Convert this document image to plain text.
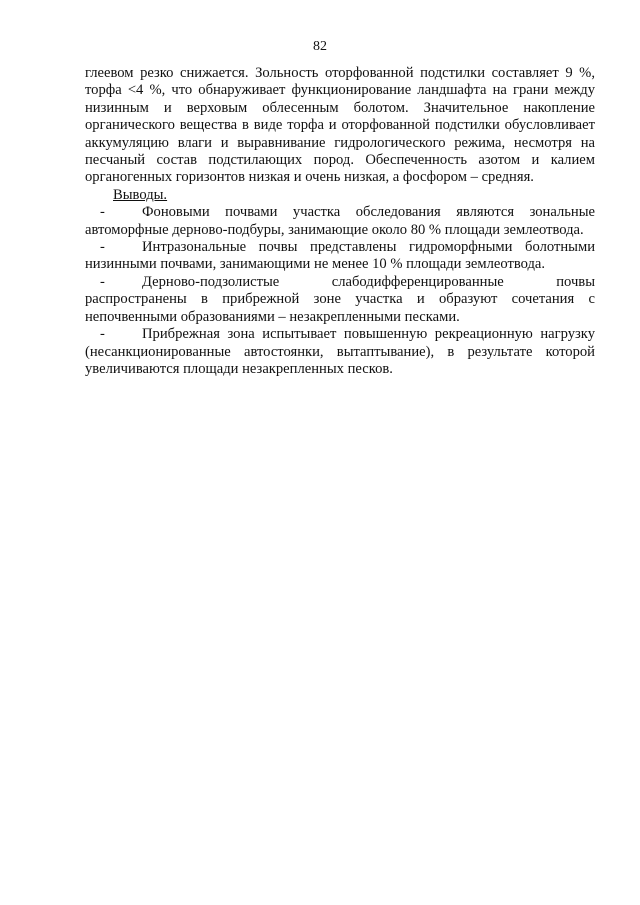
82
глеевом резко снижается. Зольность оторфованной подстилки составляет 9 %,
торфа <4 %, что обнаруживает функционирование ландшафта на грани между
низинным и верховым облесенным болотом. Значительное накопление
органического вещества в виде торфа и оторфованной подстилки обусловливает
аккумуляцию влаги и выравнивание гидрологического режима, несмотря на
песчаный состав подстилающих пород. Обеспеченность азотом и калием
органогенных горизонтов низкая и очень низкая, а фосфором – средняя.
Выводы.
-	Фоновыми почвами участка обследования являются зональные
автоморфные дерново-подбуры, занимающие около 80 % площади землеотвода.
-	Интразональные почвы представлены гидроморфными болотными
низинными почвами, занимающими не менее 10 % площади землеотвода.
-	Дерново-подзолистые слабодифференцированные почвы
распространены в прибрежной зоне участка и образуют сочетания с
непочвенными образованиями – незакрепленными песками.
-	Прибрежная зона испытывает повышенную рекреационную нагрузку
(несанкционированные автостоянки, вытаптывание), в результате которой
увеличиваются площади незакрепленных песков.
